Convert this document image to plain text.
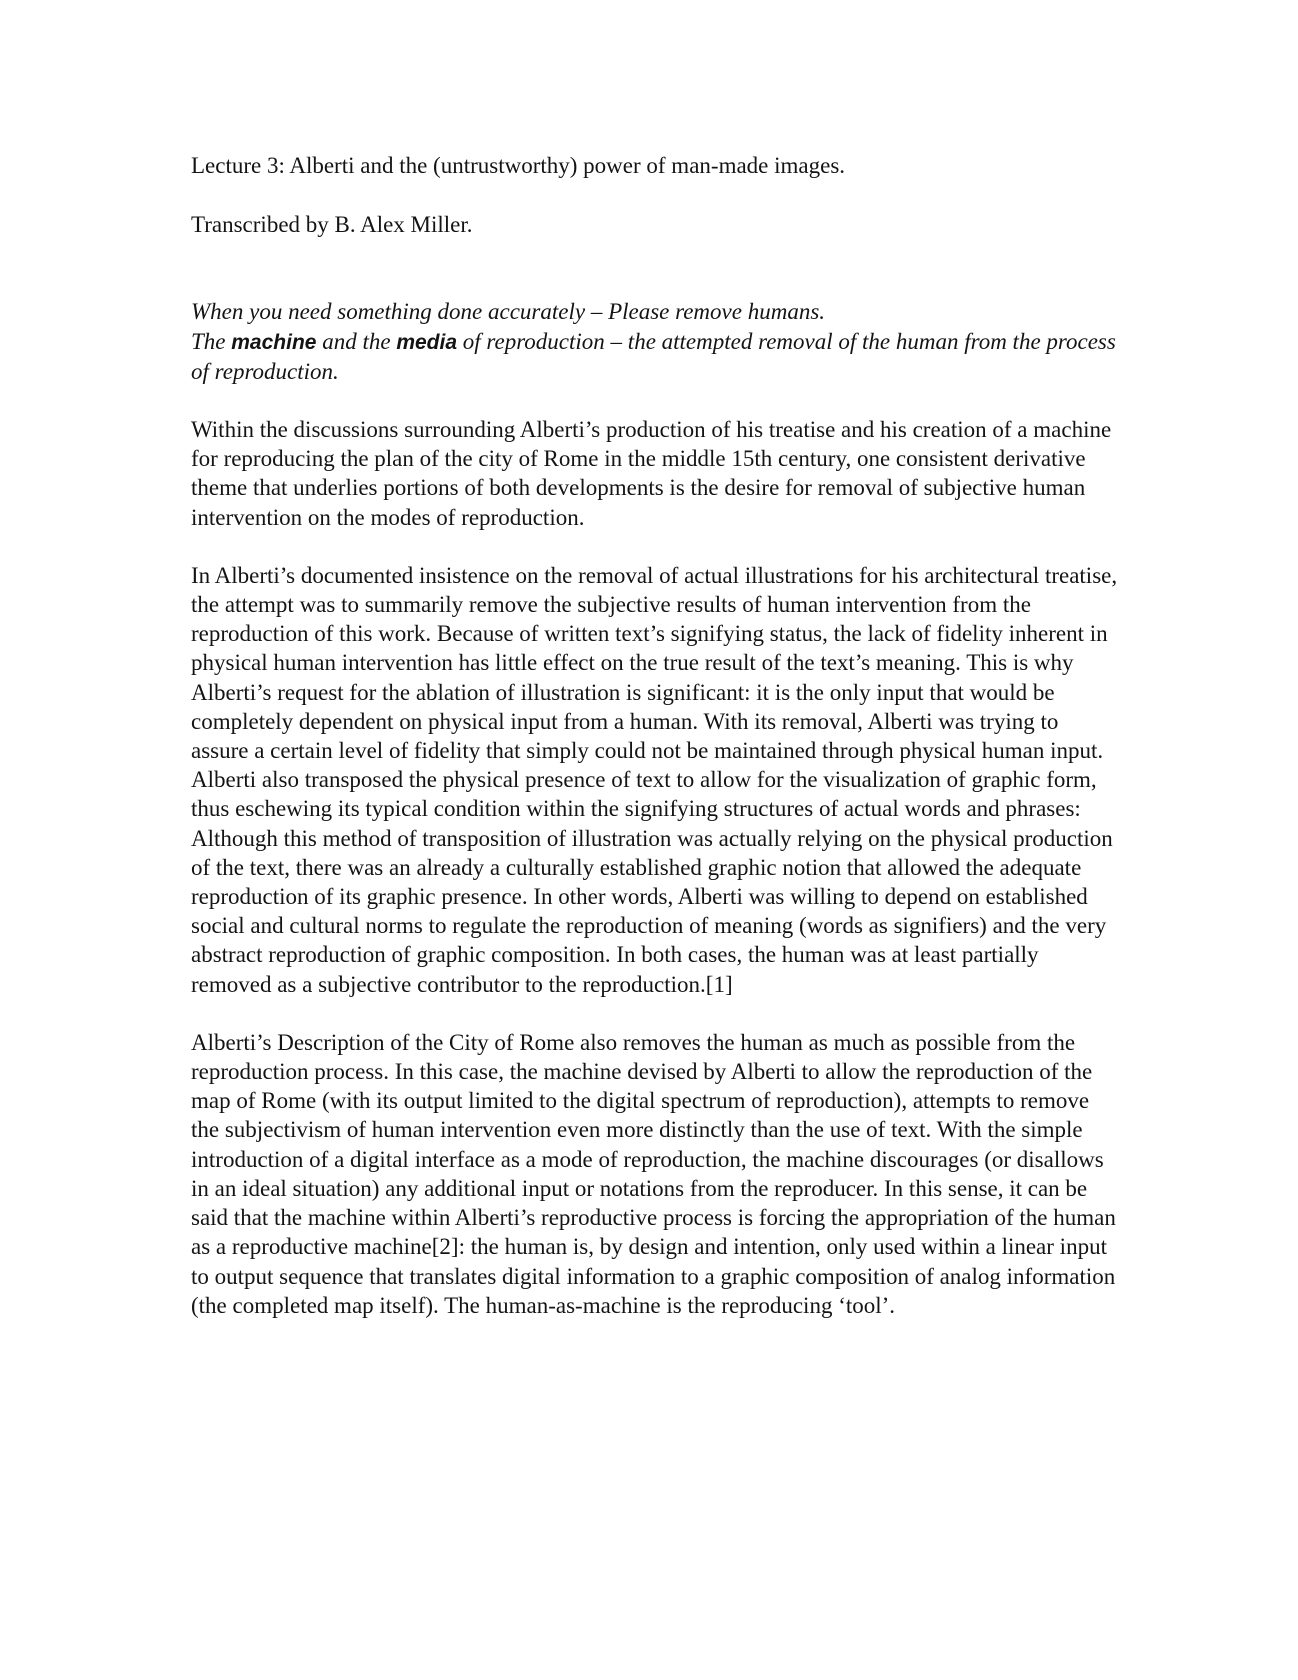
Lecture 3: Alberti and the (untrustworthy) power of man-made images.

Transcribed by B. Alex Miller.

When you need something done accurately – Please remove humans.
The machine and the media of reproduction – the attempted removal of the human from the process of reproduction.

Within the discussions surrounding Alberti’s production of his treatise and his creation of a machine for reproducing the plan of the city of Rome in the middle 15th century, one consistent derivative theme that underlies portions of both developments is the desire for removal of subjective human intervention on the modes of reproduction.

In Alberti’s documented insistence on the removal of actual illustrations for his architectural treatise, the attempt was to summarily remove the subjective results of human intervention from the reproduction of this work. Because of written text’s signifying status, the lack of fidelity inherent in physical human intervention has little effect on the true result of the text’s meaning. This is why Alberti’s request for the ablation of illustration is significant: it is the only input that would be completely dependent on physical input from a human. With its removal, Alberti was trying to assure a certain level of fidelity that simply could not be maintained through physical human input. Alberti also transposed the physical presence of text to allow for the visualization of graphic form, thus eschewing its typical condition within the signifying structures of actual words and phrases: Although this method of transposition of illustration was actually relying on the physical production of the text, there was an already a culturally established graphic notion that allowed the adequate reproduction of its graphic presence. In other words, Alberti was willing to depend on established social and cultural norms to regulate the reproduction of meaning (words as signifiers) and the very abstract reproduction of graphic composition. In both cases, the human was at least partially removed as a subjective contributor to the reproduction.[1]

Alberti’s Description of the City of Rome also removes the human as much as possible from the reproduction process. In this case, the machine devised by Alberti to allow the reproduction of the map of Rome (with its output limited to the digital spectrum of reproduction), attempts to remove the subjectivism of human intervention even more distinctly than the use of text. With the simple introduction of a digital interface as a mode of reproduction, the machine discourages (or disallows in an ideal situation) any additional input or notations from the reproducer. In this sense, it can be said that the machine within Alberti’s reproductive process is forcing the appropriation of the human as a reproductive machine[2]: the human is, by design and intention, only used within a linear input to output sequence that translates digital information to a graphic composition of analog information (the completed map itself). The human-as-machine is the reproducing ‘tool’.
